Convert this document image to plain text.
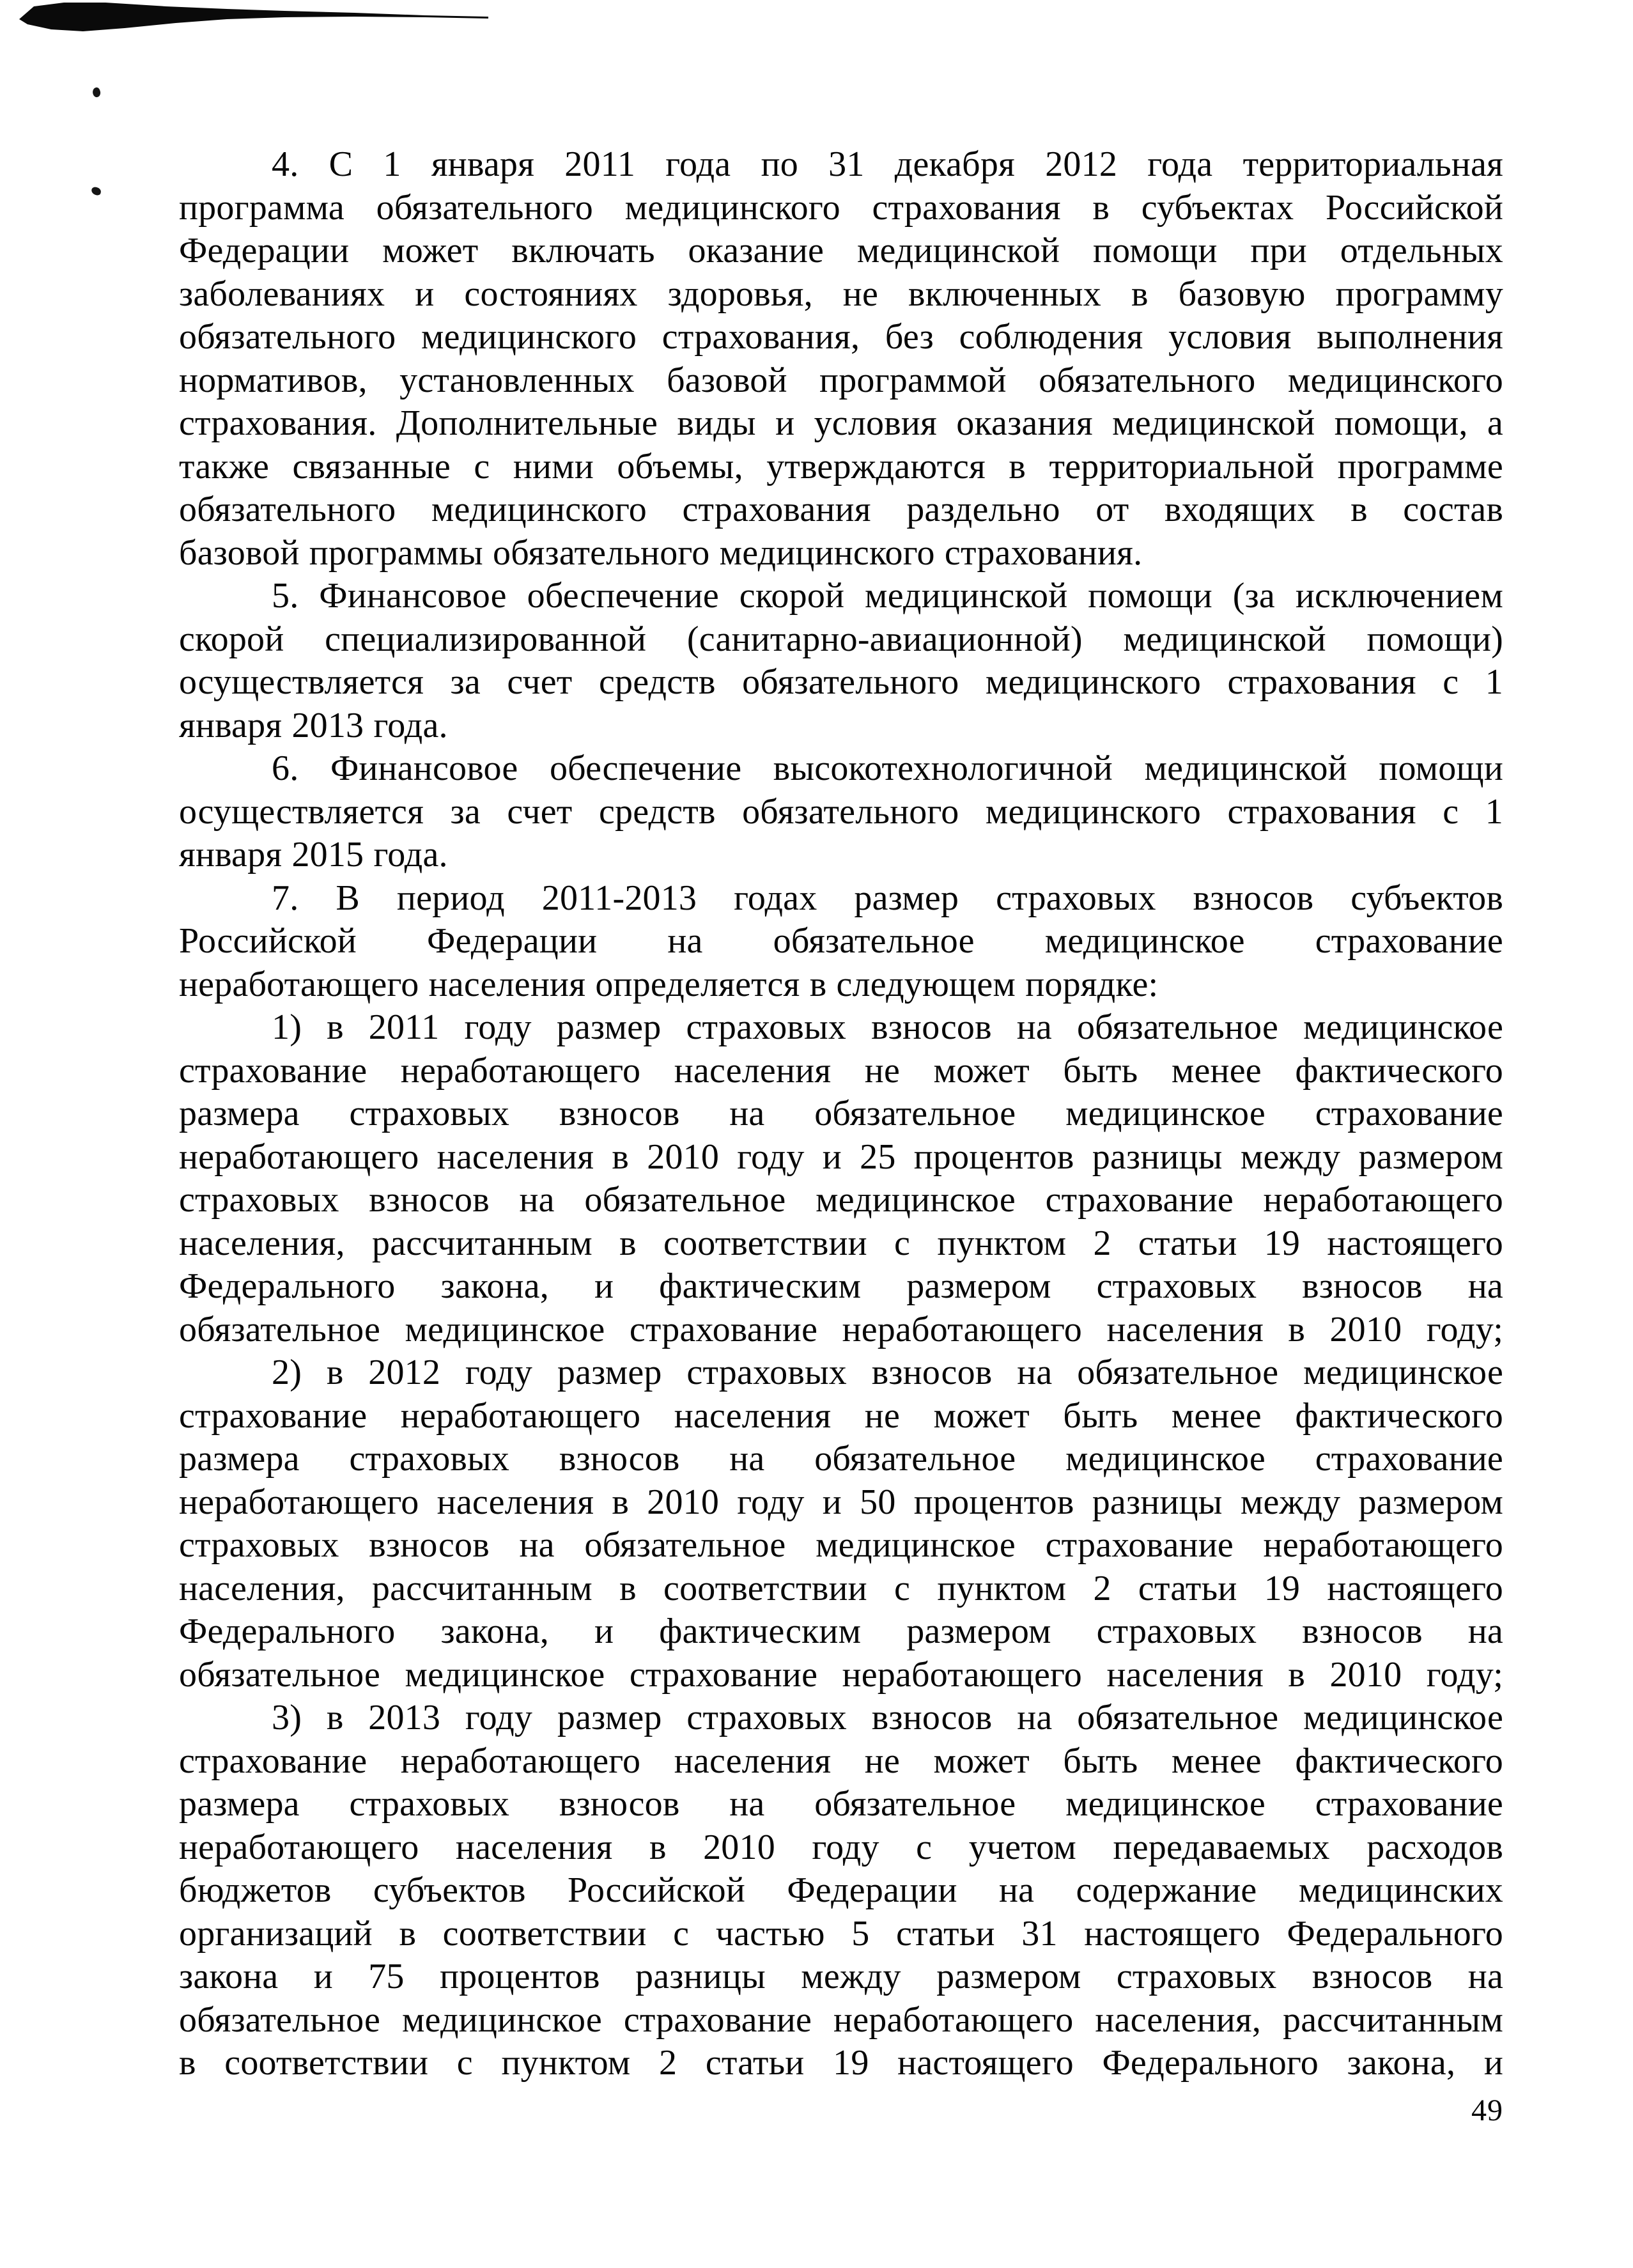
4. С 1 января 2011 года по 31 декабря 2012 года территориальная
программа обязательного медицинского страхования в субъектах Российской
Федерации может включать оказание медицинской помощи при отдельных
заболеваниях и состояниях здоровья, не включенных в базовую программу
обязательного медицинского страхования, без соблюдения условия выполнения
нормативов, установленных базовой программой обязательного медицинского
страхования. Дополнительные виды и условия оказания медицинской помощи, а
также связанные с ними объемы, утверждаются в территориальной программе
обязательного медицинского страхования раздельно от входящих в состав
базовой программы обязательного медицинского страхования.
5. Финансовое обеспечение скорой медицинской помощи (за исключением
скорой специализированной (санитарно-авиационной) медицинской помощи)
осуществляется за счет средств обязательного медицинского страхования с 1
января 2013 года.
6. Финансовое обеспечение высокотехнологичной медицинской помощи
осуществляется за счет средств обязательного медицинского страхования с 1
января 2015 года.
7. В период 2011-2013 годах размер страховых взносов субъектов
Российской Федерации на обязательное медицинское страхование
неработающего населения определяется в следующем порядке:
1) в 2011 году размер страховых взносов на обязательное медицинское
страхование неработающего населения не может быть менее фактического
размера страховых взносов на обязательное медицинское страхование
неработающего населения в 2010 году и 25 процентов разницы между размером
страховых взносов на обязательное медицинское страхование неработающего
населения, рассчитанным в соответствии с пунктом 2 статьи 19 настоящего
Федерального закона, и фактическим размером страховых взносов на
обязательное медицинское страхование неработающего населения в 2010 году;
2) в 2012 году размер страховых взносов на обязательное медицинское
страхование неработающего населения не может быть менее фактического
размера страховых взносов на обязательное медицинское страхование
неработающего населения в 2010 году и 50 процентов разницы между размером
страховых взносов на обязательное медицинское страхование неработающего
населения, рассчитанным в соответствии с пунктом 2 статьи 19 настоящего
Федерального закона, и фактическим размером страховых взносов на
обязательное медицинское страхование неработающего населения в 2010 году;
3) в 2013 году размер страховых взносов на обязательное медицинское
страхование неработающего населения не может быть менее фактического
размера страховых взносов на обязательное медицинское страхование
неработающего населения в 2010 году с учетом передаваемых расходов
бюджетов субъектов Российской Федерации на содержание медицинских
организаций в соответствии с частью 5 статьи 31 настоящего Федерального
закона и 75 процентов разницы между размером страховых взносов на
обязательное медицинское страхование неработающего населения, рассчитанным
в соответствии с пунктом 2 статьи 19 настоящего Федерального закона, и
49
